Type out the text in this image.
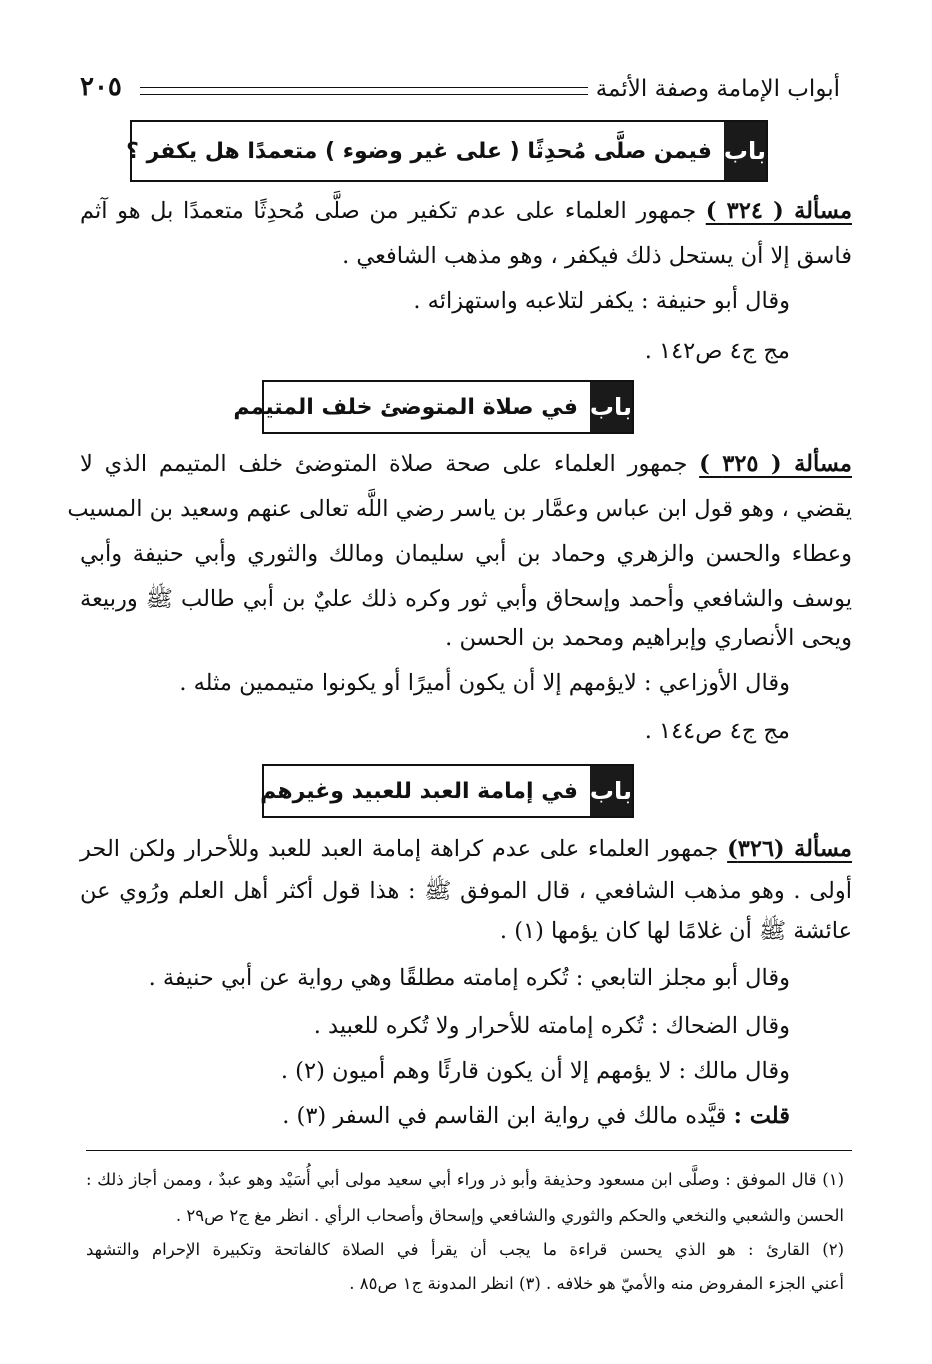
أبواب الإمامة وصفة الأئمة
٢٠٥
باب
فيمن صلَّى مُحدِثًا ( على غير وضوء ) متعمدًا هل يكفر ؟
مسألة ( ٣٢٤ ) جمهور العلماء على عدم تكفير من صلَّى مُحدِثًا متعمدًا بل هو آثم
فاسق إلا أن يستحل ذلك فيكفر ، وهو مذهب الشافعي .
وقال أبو حنيفة : يكفر لتلاعبه واستهزائه .
مج ج٤ ص١٤٢ .
باب
في صلاة المتوضئ خلف المتيمم
مسألة ( ٣٢٥ ) جمهور العلماء على صحة صلاة المتوضئ خلف المتيمم الذي لا
يقضي ، وهو قول ابن عباس وعمَّار بن ياسر رضي اللَّه تعالى عنهم وسعيد بن المسيب
وعطاء والحسن والزهري وحماد بن أبي سليمان ومالك والثوري وأبي حنيفة وأبي
يوسف والشافعي وأحمد وإسحاق وأبي ثور وكره ذلك عليٌ بن أبي طالب ﷺ وربيعة
ويحى الأنصاري وإبراهيم ومحمد بن الحسن .
وقال الأوزاعي : لايؤمهم إلا أن يكون أميرًا أو يكونوا متيممين مثله .
مج ج٤ ص١٤٤ .
باب
في إمامة العبد للعبيد وغيرهم
مسألة (٣٢٦) جمهور العلماء على عدم كراهة إمامة العبد للعبد وللأحرار ولكن الحر
أولى . وهو مذهب الشافعي ، قال الموفق ﷺ : هذا قول أكثر أهل العلم ورُوي عن
عائشة ﷺ أن غلامًا لها كان يؤمها (١) .
وقال أبو مجلز التابعي : تُكره إمامته مطلقًا وهي رواية عن أبي حنيفة .
وقال الضحاك : تُكره إمامته للأحرار ولا تُكره للعبيد .
وقال مالك : لا يؤمهم إلا أن يكون قارئًا وهم أميون (٢) .
قلت : قيَّده مالك في رواية ابن القاسم في السفر (٣) .
(١) قال الموفق : وصلَّى ابن مسعود وحذيفة وأبو ذر وراء أبي سعيد مولى أبي أُسَيْد وهو عبدٌ ، وممن أجاز ذلك :
الحسن والشعبي والنخعي والحكم والثوري والشافعي وإسحاق وأصحاب الرأي . انظر مغ ج٢ ص٢٩ .
(٢) القارئ : هو الذي يحسن قراءة ما يجب أن يقرأ في الصلاة كالفاتحة وتكبيرة الإحرام والتشهد
أعني الجزء المفروض منه والأميّ هو خلافه . (٣) انظر المدونة ج١ ص٨٥ .
